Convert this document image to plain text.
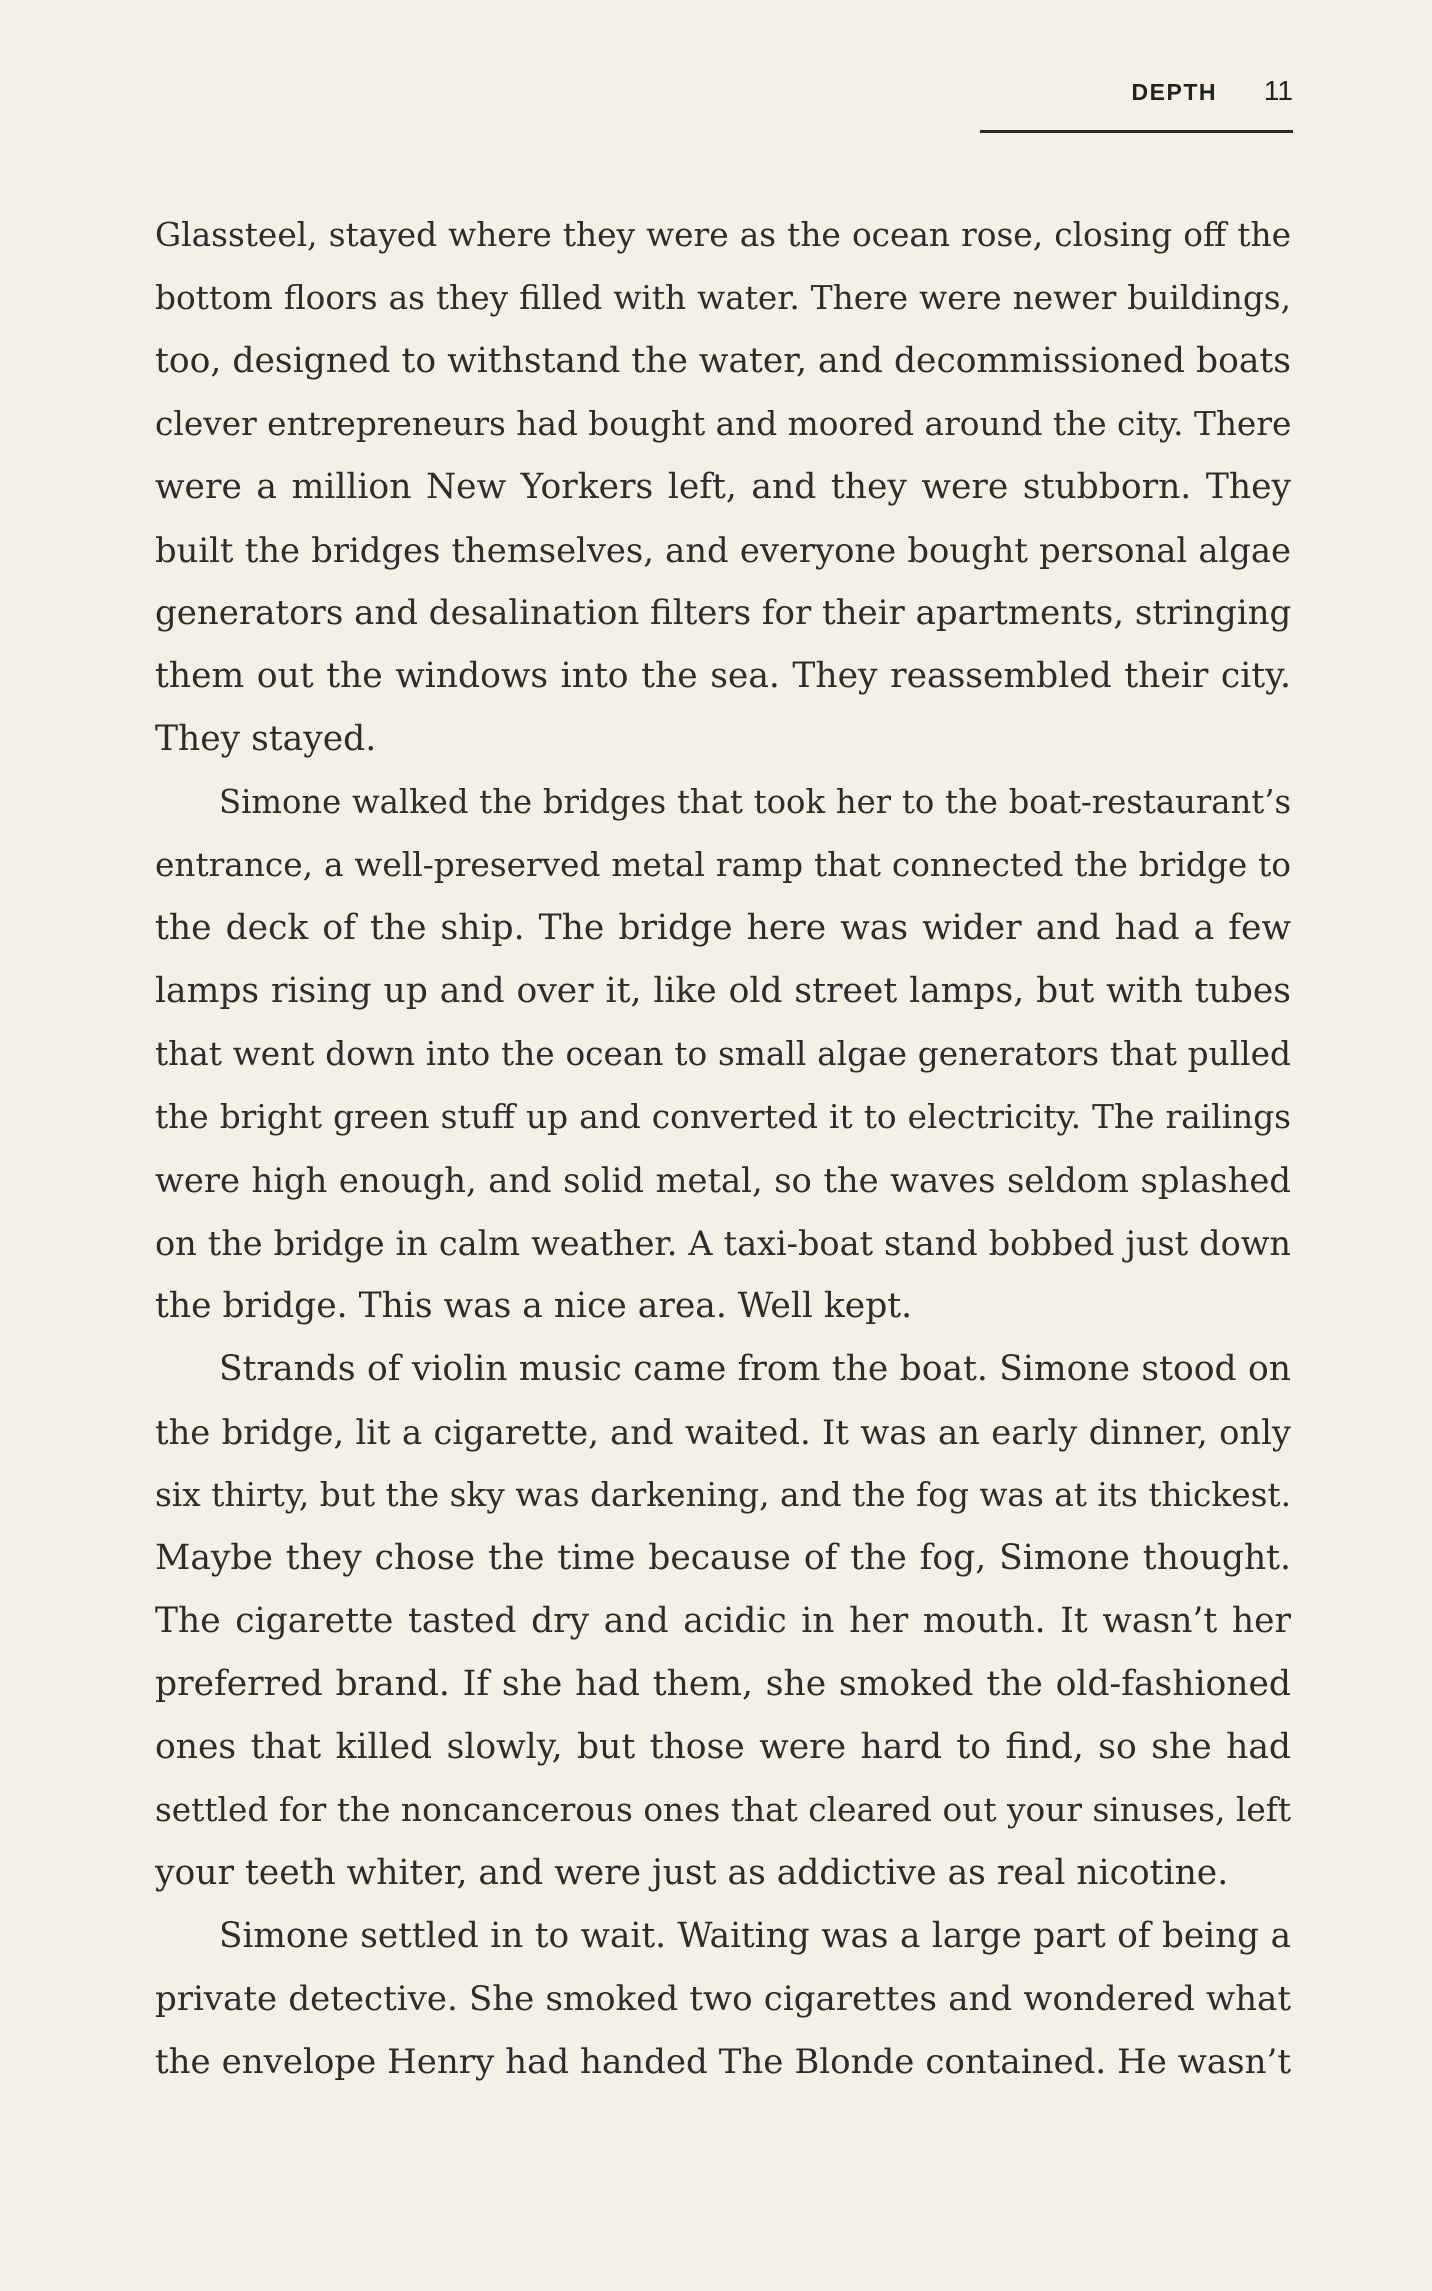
DEPTH 11
Glassteel, stayed where they were as the ocean rose, closing off the
bottom floors as they filled with water. There were newer buildings,
too, designed to withstand the water, and decommissioned boats
clever entrepreneurs had bought and moored around the city. There
were a million New Yorkers left, and they were stubborn. They
built the bridges themselves, and everyone bought personal algae
generators and desalination filters for their apartments, stringing
them out the windows into the sea. They reassembled their city.
They stayed.
Simone walked the bridges that took her to the boat-restaurant’s
entrance, a well-preserved metal ramp that connected the bridge to
the deck of the ship. The bridge here was wider and had a few
lamps rising up and over it, like old street lamps, but with tubes
that went down into the ocean to small algae generators that pulled
the bright green stuff up and converted it to electricity. The railings
were high enough, and solid metal, so the waves seldom splashed
on the bridge in calm weather. A taxi-boat stand bobbed just down
the bridge. This was a nice area. Well kept.
Strands of violin music came from the boat. Simone stood on
the bridge, lit a cigarette, and waited. It was an early dinner, only
six thirty, but the sky was darkening, and the fog was at its thickest.
Maybe they chose the time because of the fog, Simone thought.
The cigarette tasted dry and acidic in her mouth. It wasn’t her
preferred brand. If she had them, she smoked the old-fashioned
ones that killed slowly, but those were hard to find, so she had
settled for the noncancerous ones that cleared out your sinuses, left
your teeth whiter, and were just as addictive as real nicotine.
Simone settled in to wait. Waiting was a large part of being a
private detective. She smoked two cigarettes and wondered what
the envelope Henry had handed The Blonde contained. He wasn’t
